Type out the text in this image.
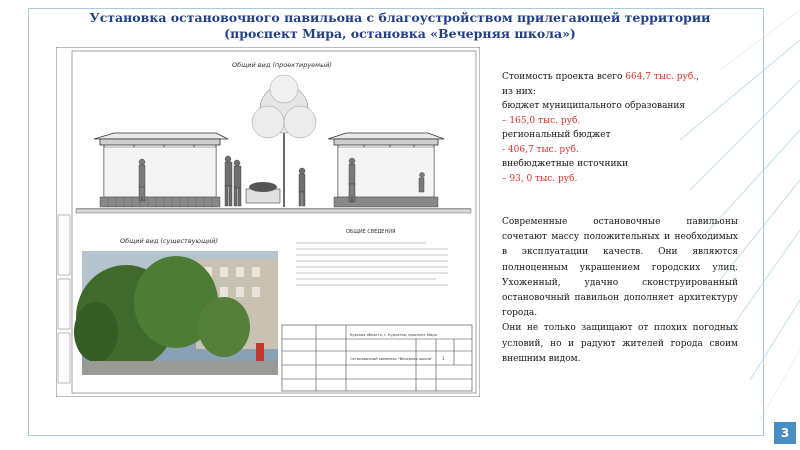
Установка остановочного павильона с благоустройством прилегающей территории
(проспект Мира, остановка «Вечерняя школа»)
Общий вид (проектируемый)
Общий вид (существующий)
ОБЩИЕ СВЕДЕНИЯ
Курская область, г. Курчатов, проспект Мира
Остановочный комплекс "Вечерняя школа" 1
Стоимость проекта всего 664,7 тыс. руб.,
из них:
бюджет муниципального образования
– 165,0 тыс. руб.
региональный бюджет
- 406,7 тыс. руб.
внебюджетные источники
– 93, 0 тыс. руб.

Современные остановочные павильоны сочетают массу положительных и необходимых в эксплуатации качеств. Они являются полноценным украшением городских улиц. Ухоженный, удачно сконструированный остановочный павильон дополняет архитектуру города.

Они не только защищают от плохих погодных условий, но и радуют жителей города своим внешним видом.

3
